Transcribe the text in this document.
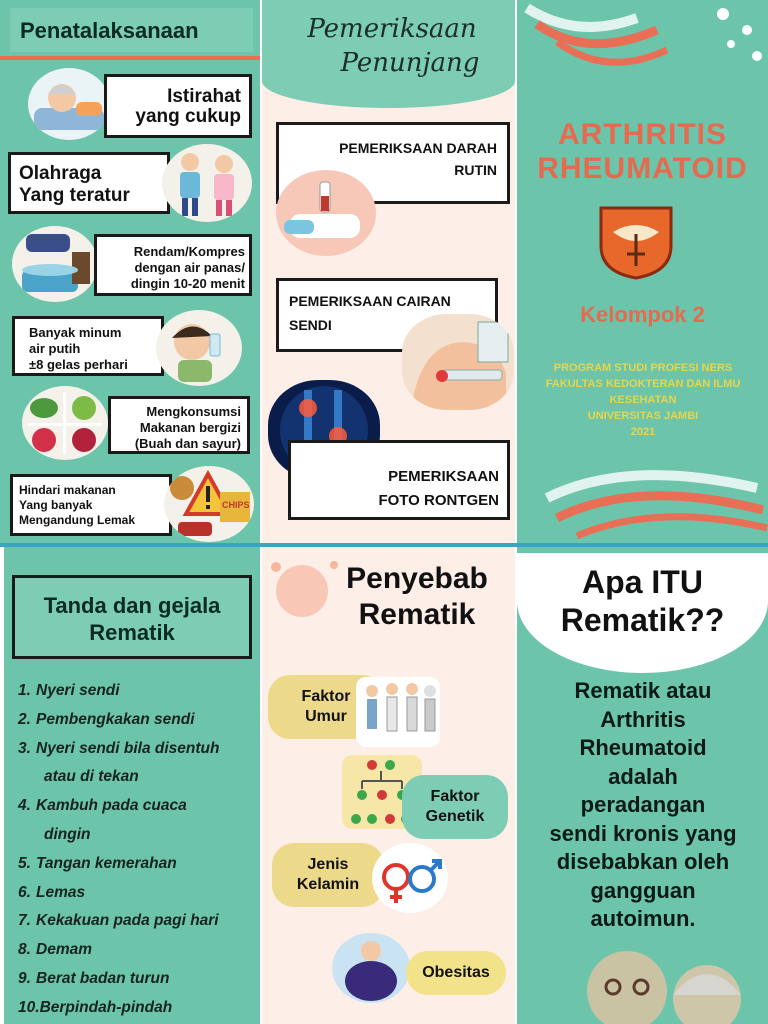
Penatalaksanaan
Istirahat
yang cukup
Olahraga
Yang teratur
Rendam/Kompres
dengan air panas/
dingin 10-20 menit
Banyak minum
air putih
±8 gelas perhari
Mengkonsumsi
Makanan bergizi
(Buah dan sayur)
Hindari makanan
Yang banyak
Mengandung Lemak
CHIPS
Pemeriksaan
Penunjang
PEMERIKSAAN DARAH
RUTIN
PEMERIKSAAN CAIRAN
SENDI
PEMERIKSAAN
FOTO RONTGEN
ARTHRITIS
RHEUMATOID
Kelompok 2
PROGRAM STUDI PROFESI NERS
FAKULTAS KEDOKTERAN DAN ILMU
KESEHATAN
UNIVERSITAS JAMBI
2021
Tanda dan gejala
Rematik
1. Nyeri sendi
2. Pembengkakan sendi
3. Nyeri sendi bila disentuh
atau di tekan
4. Kambuh pada cuaca
dingin
5. Tangan kemerahan
6. Lemas
7. Kekakuan pada pagi hari
8. Demam
9. Berat badan turun
10.Berpindah-pindah
Penyebab
Rematik
Faktor
Umur
Faktor
Genetik
Jenis
Kelamin
Obesitas
Apa ITU
Rematik??
Rematik atau
Arthritis
Rheumatoid
adalah
peradangan
sendi kronis yang
disebabkan oleh
gangguan
autoimun.
